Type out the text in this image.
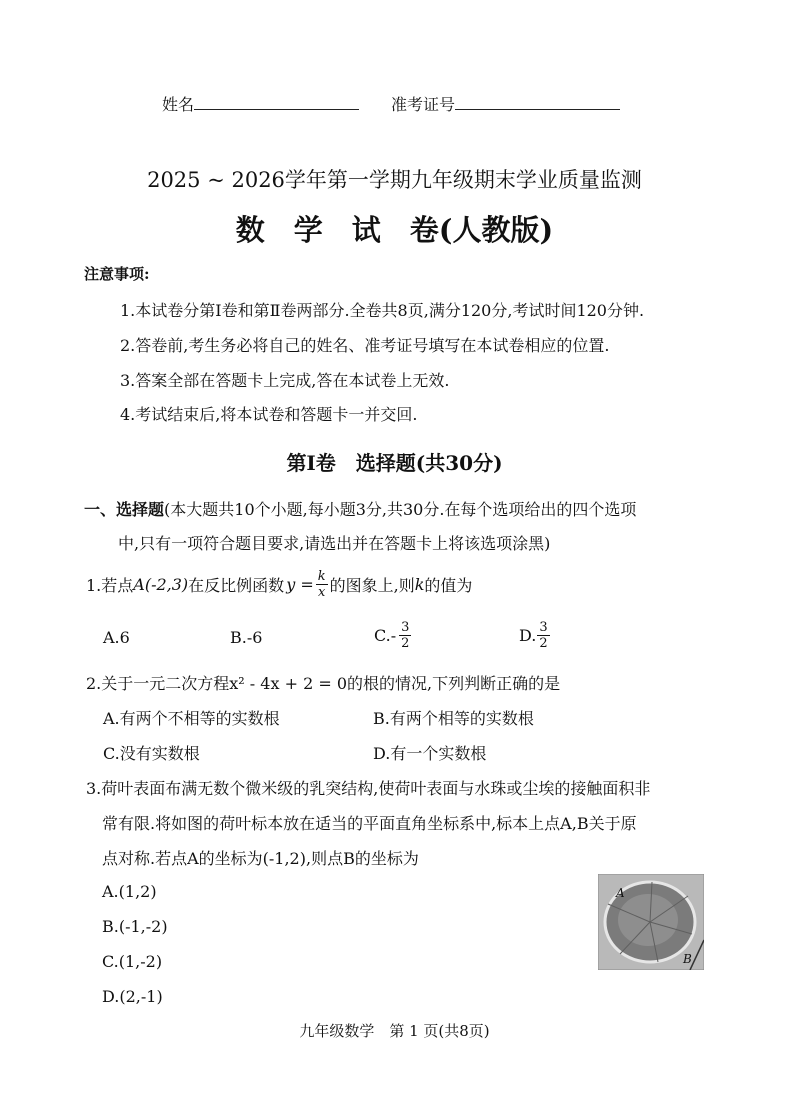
姓名	准考证号
2025 ~ 2026学年第一学期九年级期末学业质量监测
数　学　试　卷(人教版)
注意事项:
1.本试卷分第Ⅰ卷和第Ⅱ卷两部分.全卷共8页,满分120分,考试时间120分钟.
2.答卷前,考生务必将自己的姓名、准考证号填写在本试卷相应的位置.
3.答案全部在答题卡上完成,答在本试卷上无效.
4.考试结束后,将本试卷和答题卡一并交回.
第Ⅰ卷　选择题(共30分)
一、选择题(本大题共10个小题,每小题3分,共30分.在每个选项给出的四个选项
中,只有一项符合题目要求,请选出并在答题卡上将该选项涂黑)
1.若点 A(-2,3) 在反比例函数 $y = \frac{k}{x}$ 的图象上,则 k 的值为
A.6	B.-6	$C.- \frac{3}{2}$	D. $\frac{3}{2}$
2.关于一元二次方程x² - 4x + 2 = 0的根的情况,下列判断正确的是
A.有两个不相等的实数根	B.有两个相等的实数根
C.没有实数根	D.有一个实数根
3.荷叶表面布满无数个微米级的乳突结构,使荷叶表面与水珠或尘埃的接触面积非
常有限.将如图的荷叶标本放在适当的平面直角坐标系中,标本上点A,B关于原
点对称.若点A的坐标为(-1,2),则点B的坐标为
A.(1,2)
B.(-1,-2)
C.(1,-2)
D.(2,-1)
A
B
九年级数学　第 1 页(共8页)
